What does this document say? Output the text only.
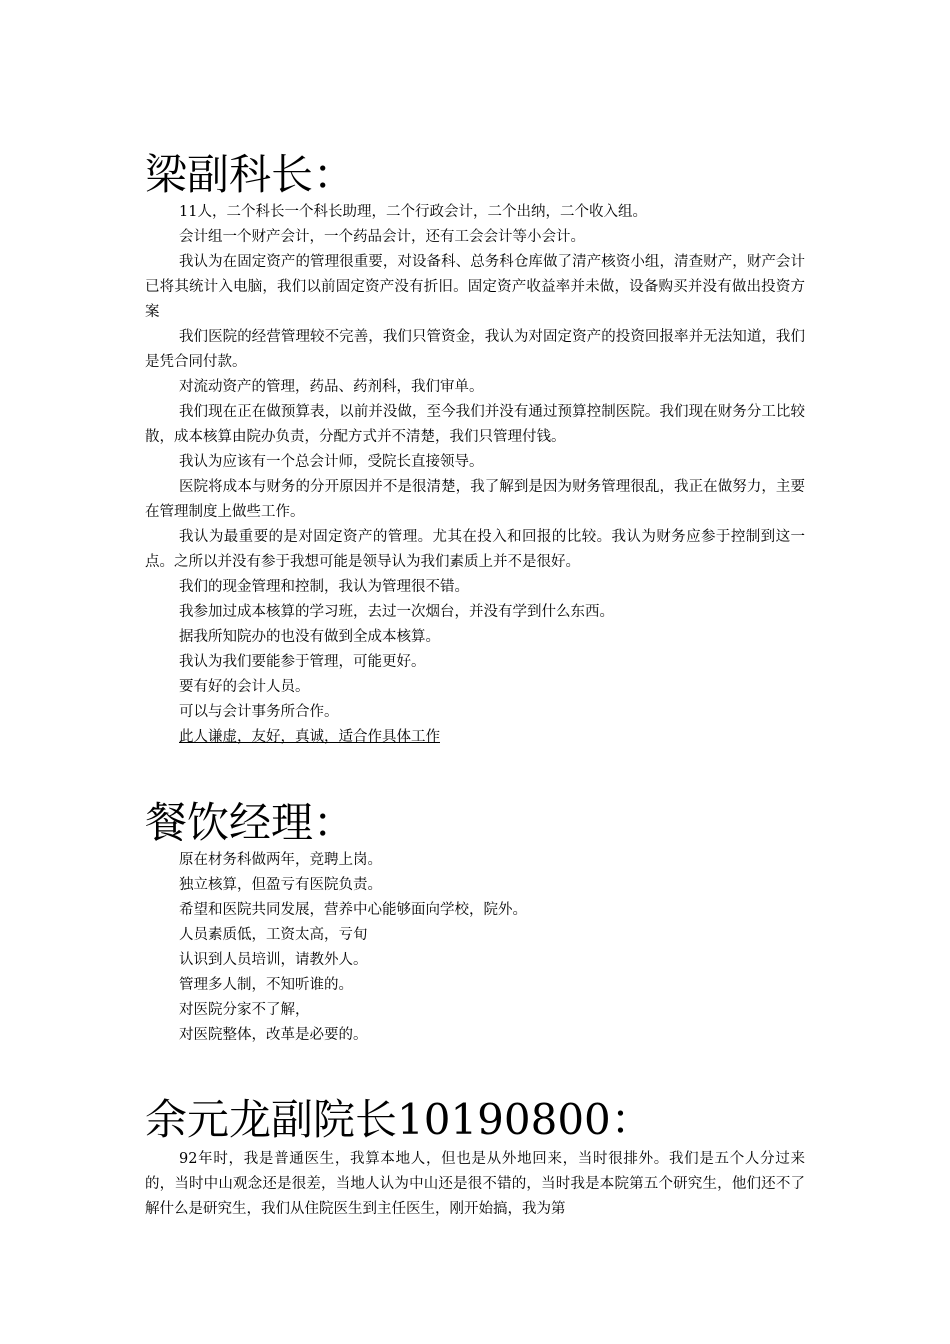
梁副科长：

11人，二个科长一个科长助理，二个行政会计，二个出纳，二个收入组。

会计组一个财产会计，一个药品会计，还有工会会计等小会计。

我认为在固定资产的管理很重要，对设备科、总务科仓库做了清产核资小组，清查财产，财产会计已将其统计入电脑，我们以前固定资产没有折旧。固定资产收益率并未做，设备购买并没有做出投资方案

我们医院的经营管理较不完善，我们只管资金，我认为对固定资产的投资回报率并无法知道，我们是凭合同付款。

对流动资产的管理，药品、药剂科，我们审单。

我们现在正在做预算表，以前并没做，至今我们并没有通过预算控制医院。我们现在财务分工比较散，成本核算由院办负责，分配方式并不清楚，我们只管理付钱。

我认为应该有一个总会计师，受院长直接领导。

医院将成本与财务的分开原因并不是很清楚，我了解到是因为财务管理很乱，我正在做努力，主要在管理制度上做些工作。

我认为最重要的是对固定资产的管理。尤其在投入和回报的比较。我认为财务应参于控制到这一点。之所以并没有参于我想可能是领导认为我们素质上并不是很好。

我们的现金管理和控制，我认为管理很不错。

我参加过成本核算的学习班，去过一次烟台，并没有学到什么东西。

据我所知院办的也没有做到全成本核算。

我认为我们要能参于管理，可能更好。

要有好的会计人员。

可以与会计事务所合作。

此人谦虚，友好，真诚，适合作具体工作

餐饮经理：

原在材务科做两年，竞聘上岗。

独立核算，但盈亏有医院负责。

希望和医院共同发展，营养中心能够面向学校，院外。

人员素质低，工资太高，亏旬

认识到人员培训，请教外人。

管理多人制，不知听谁的。

对医院分家不了解，

对医院整体，改革是必要的。

余元龙副院长10190800：

92年时，我是普通医生，我算本地人，但也是从外地回来，当时很排外。我们是五个人分过来的，当时中山观念还是很差，当地人认为中山还是很不错的，当时我是本院第五个研究生，他们还不了解什么是研究生，我们从住院医生到主任医生，刚开始搞，我为第
